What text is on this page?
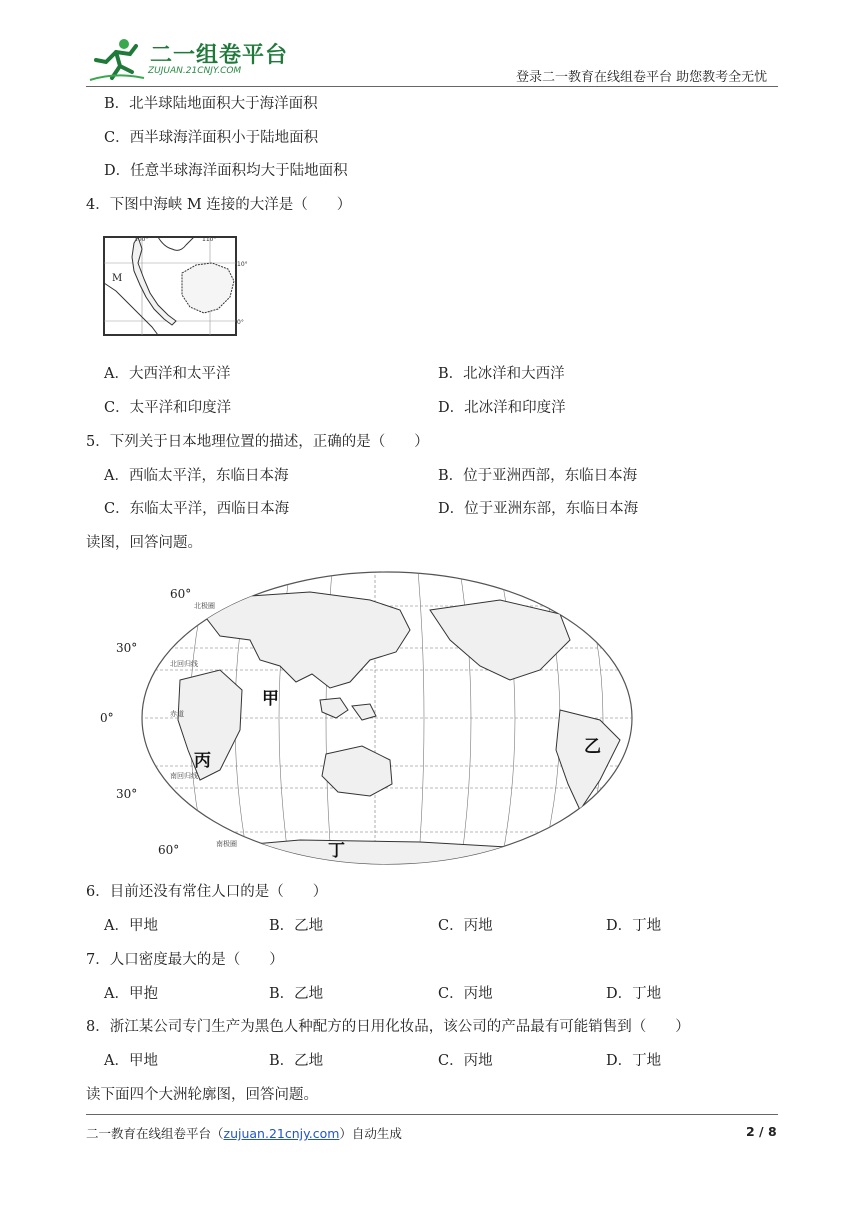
二一组卷平台
ZUJUAN.21CNJY.COM	登录二一教育在线组卷平台 助您教考全无忧
B．北半球陆地面积大于海洋面积
C．西半球海洋面积小于陆地面积
D．任意半球海洋面积均大于陆地面积
4．下图中海峡 M 连接的大洋是（　　）
100°	110°
10°
0°
M
A．大西洋和太平洋	B．北冰洋和大西洋
C．太平洋和印度洋	D．北冰洋和印度洋
5．下列关于日本地理位置的描述，正确的是（　　）
A．西临太平洋，东临日本海	B．位于亚洲西部，东临日本海
C．东临太平洋，西临日本海	D．位于亚洲东部，东临日本海
读图，回答问题。
60°
30°
0°
30°
60°
北极圈
北回归线
赤道
南回归线
南极圈
甲
乙
丙
丁
6．目前还没有常住人口的是（　　）
A．甲地	B．乙地	C．丙地	D．丁地
7．人口密度最大的是（　　）
A．甲抱	B．乙地	C．丙地	D．丁地
8．浙江某公司专门生产为黑色人种配方的日用化妆品，该公司的产品最有可能销售到（　　）
A．甲地	B．乙地	C．丙地	D．丁地
读下面四个大洲轮廓图，回答问题。
二一教育在线组卷平台（zujuan.21cnjy.com）自动生成	2 / 8
